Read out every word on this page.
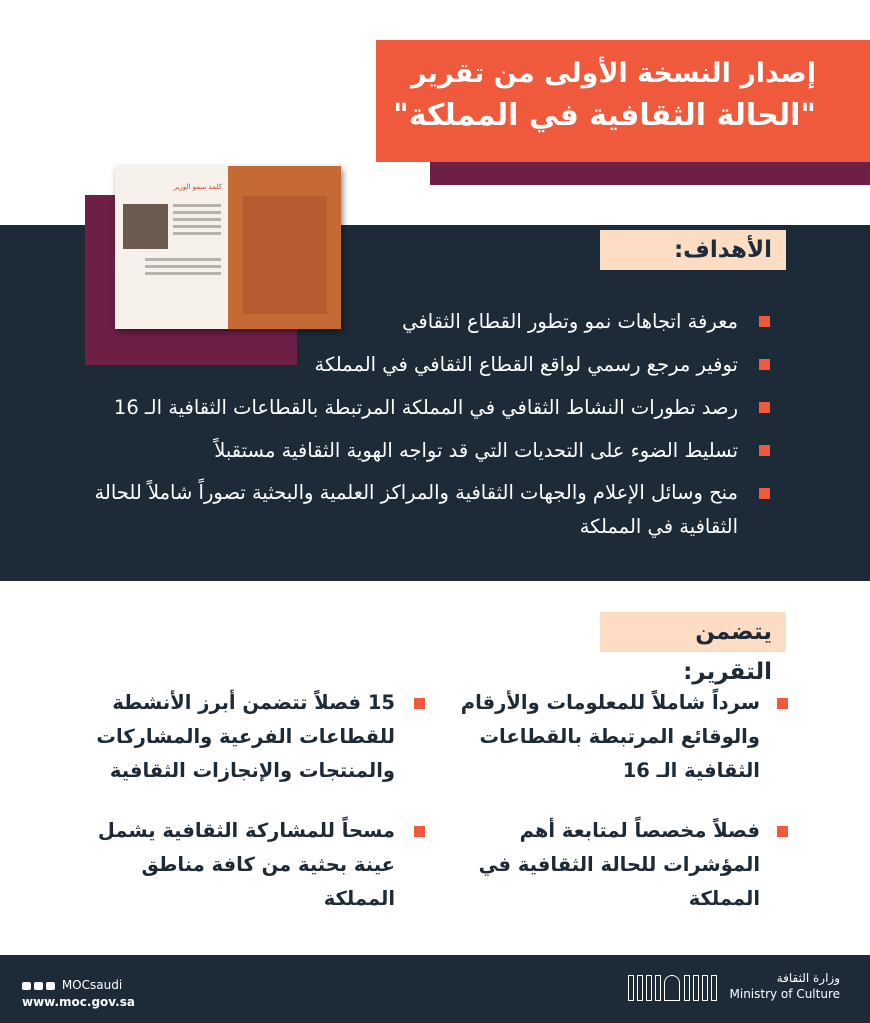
إصدار النسخة الأولى من تقرير
"الحالة الثقافية في المملكة"
كلمة سمو الوزير
الأهداف:
معرفة اتجاهات نمو وتطور القطاع الثقافي
توفير مرجع رسمي لواقع القطاع الثقافي في المملكة
رصد تطورات النشاط الثقافي في المملكة المرتبطة بالقطاعات الثقافية الـ 16
تسليط الضوء على التحديات التي قد تواجه الهوية الثقافية مستقبلاً
منح وسائل الإعلام والجهات الثقافية والمراكز العلمية والبحثية تصوراً شاملاً للحالة الثقافية في المملكة
يتضمن التقرير:
سرداً شاملاً للمعلومات والأرقام والوقائع المرتبطة بالقطاعات الثقافية الـ 16
فصلاً مخصصاً لمتابعة أهم المؤشرات للحالة الثقافية في المملكة
15 فصلاً تتضمن أبرز الأنشطة للقطاعات الفرعية والمشاركات والمنتجات والإنجازات الثقافية
مسحاً للمشاركة الثقافية يشمل عينة بحثية من كافة مناطق المملكة
MOCsaudi
www.moc.gov.sa
وزارة الثقافة
Ministry of Culture
